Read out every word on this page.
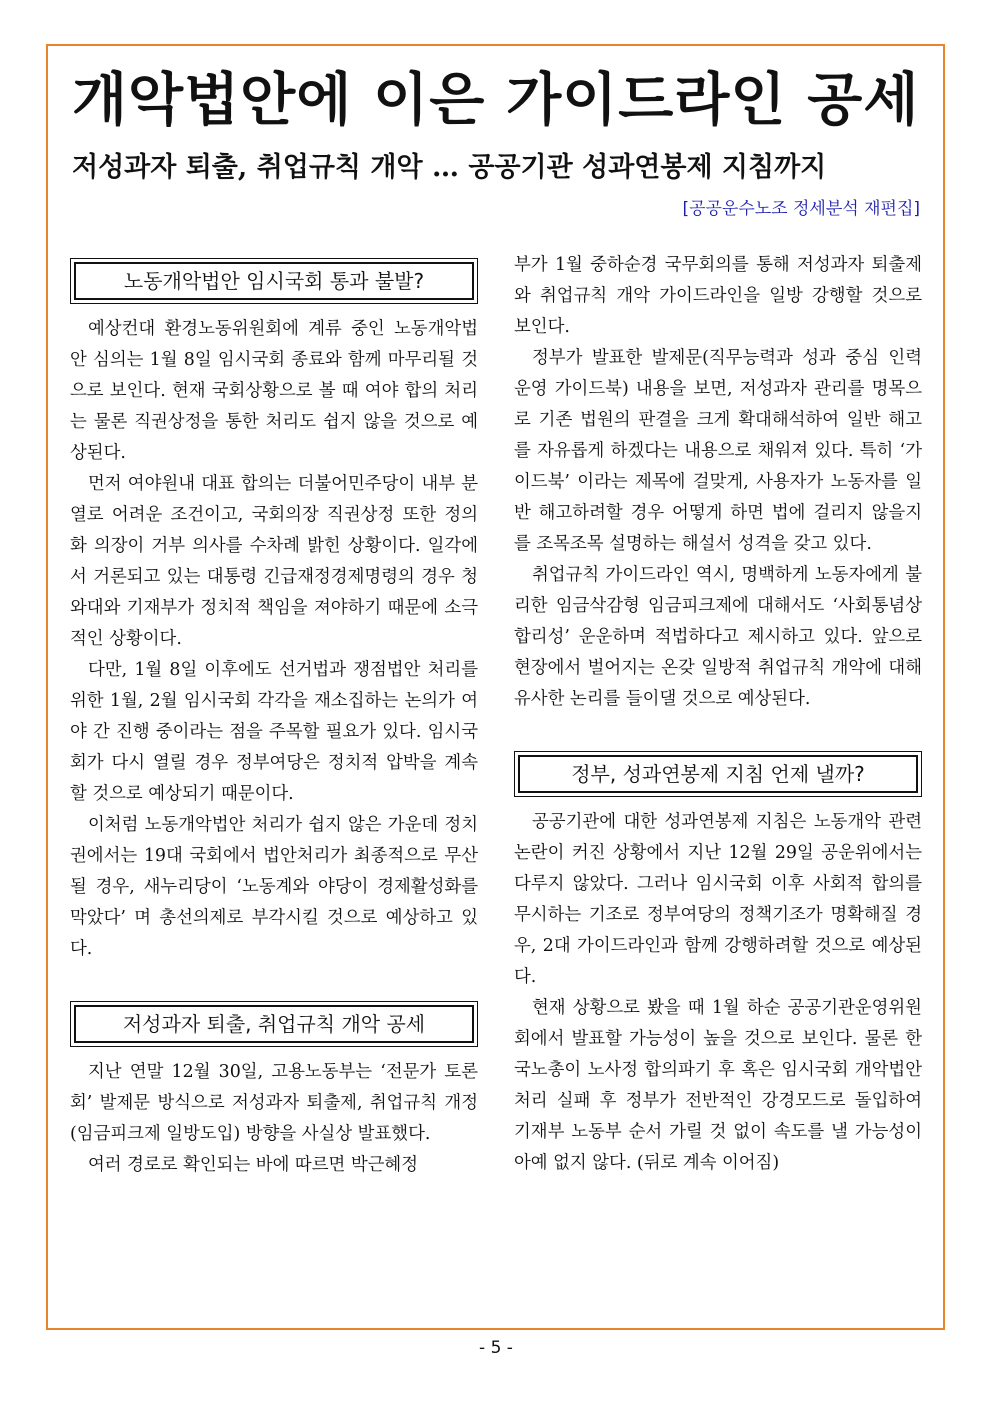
개악법안에 이은 가이드라인 공세
저성과자 퇴출, 취업규칙 개악 … 공공기관 성과연봉제 지침까지
[공공운수노조 정세분석 재편집]
노동개악법안 임시국회 통과 불발?

예상컨대 환경노동위원회에 계류 중인 노동개악법안 심의는 1월 8일 임시국회 종료와 함께 마무리될 것으로 보인다. 현재 국회상황으로 볼 때 여야 합의 처리는 물론 직권상정을 통한 처리도 쉽지 않을 것으로 예상된다.

먼저 여야원내 대표 합의는 더불어민주당이 내부 분열로 어려운 조건이고, 국회의장 직권상정 또한 정의화 의장이 거부 의사를 수차례 밝힌 상황이다. 일각에서 거론되고 있는 대통령 긴급재정경제명령의 경우 청와대와 기재부가 정치적 책임을 져야하기 때문에 소극적인 상황이다.

다만, 1월 8일 이후에도 선거법과 쟁점법안 처리를 위한 1월, 2월 임시국회 각각을 재소집하는 논의가 여야 간 진행 중이라는 점을 주목할 필요가 있다. 임시국회가 다시 열릴 경우 정부여당은 정치적 압박을 계속할 것으로 예상되기 때문이다.

이처럼 노동개악법안 처리가 쉽지 않은 가운데 정치권에서는 19대 국회에서 법안처리가 최종적으로 무산될 경우, 새누리당이 ‘노동계와 야당이 경제활성화를 막았다’ 며 총선의제로 부각시킬 것으로 예상하고 있다.

저성과자 퇴출, 취업규칙 개악 공세

지난 연말 12월 30일, 고용노동부는 ‘전문가 토론회’ 발제문 방식으로 저성과자 퇴출제, 취업규칙 개정(임금피크제 일방도입) 방향을 사실상 발표했다.

여러 경로로 확인되는 바에 따르면 박근혜정

부가 1월 중하순경 국무회의를 통해 저성과자 퇴출제와 취업규칙 개악 가이드라인을 일방 강행할 것으로 보인다.

정부가 발표한 발제문(직무능력과 성과 중심 인력 운영 가이드북) 내용을 보면, 저성과자 관리를 명목으로 기존 법원의 판결을 크게 확대해석하여 일반 해고를 자유롭게 하겠다는 내용으로 채워져 있다. 특히 ‘가이드북’ 이라는 제목에 걸맞게, 사용자가 노동자를 일반 해고하려할 경우 어떻게 하면 법에 걸리지 않을지를 조목조목 설명하는 해설서 성격을 갖고 있다.

취업규칙 가이드라인 역시, 명백하게 노동자에게 불리한 임금삭감형 임금피크제에 대해서도 ‘사회통념상 합리성’ 운운하며 적법하다고 제시하고 있다. 앞으로 현장에서 벌어지는 온갖 일방적 취업규칙 개악에 대해 유사한 논리를 들이댈 것으로 예상된다.

정부, 성과연봉제 지침 언제 낼까?

공공기관에 대한 성과연봉제 지침은 노동개악 관련 논란이 커진 상황에서 지난 12월 29일 공운위에서는 다루지 않았다. 그러나 임시국회 이후 사회적 합의를 무시하는 기조로 정부여당의 정책기조가 명확해질 경우, 2대 가이드라인과 함께 강행하려할 것으로 예상된다.

현재 상황으로 봤을 때 1월 하순 공공기관운영위원회에서 발표할 가능성이 높을 것으로 보인다. 물론 한국노총이 노사정 합의파기 후 혹은 임시국회 개악법안 처리 실패 후 정부가 전반적인 강경모드로 돌입하여 기재부 노동부 순서 가릴 것 없이 속도를 낼 가능성이 아예 없지 않다. (뒤로 계속 이어짐)

- 5 -
